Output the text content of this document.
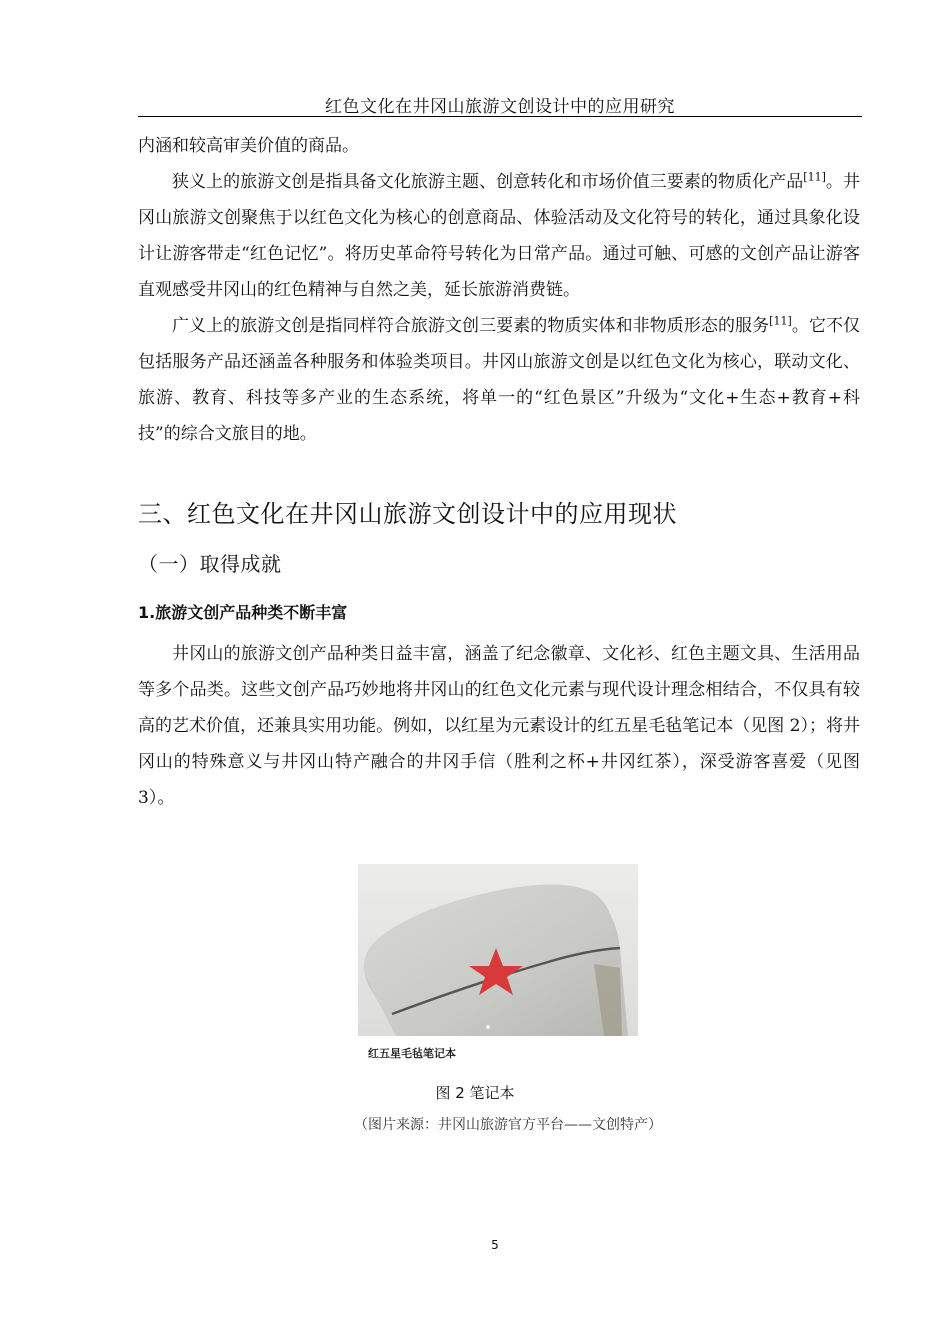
红色文化在井冈山旅游文创设计中的应用研究

内涵和较高审美价值的商品。

狭义上的旅游文创是指具备文化旅游主题、创意转化和市场价值三要素的物质化产品[11]。井冈山旅游文创聚焦于以红色文化为核心的创意商品、体验活动及文化符号的转化，通过具象化设计让游客带走“红色记忆”。将历史革命符号转化为日常产品。通过可触、可感的文创产品让游客直观感受井冈山的红色精神与自然之美，延长旅游消费链。

广义上的旅游文创是指同样符合旅游文创三要素的物质实体和非物质形态的服务[11]。它不仅包括服务产品还涵盖各种服务和体验类项目。井冈山旅游文创是以红色文化为核心，联动文化、旅游、教育、科技等多产业的生态系统，将单一的“红色景区”升级为“文化+生态+教育+科技”的综合文旅目的地。

三、红色文化在井冈山旅游文创设计中的应用现状
（一）取得成就
1.旅游文创产品种类不断丰富

井冈山的旅游文创产品种类日益丰富，涵盖了纪念徽章、文化衫、红色主题文具、生活用品等多个品类。这些文创产品巧妙地将井冈山的红色文化元素与现代设计理念相结合，不仅具有较高的艺术价值，还兼具实用功能。例如，以红星为元素设计的红五星毛毡笔记本（见图 2）；将井冈山的特殊意义与井冈山特产融合的井冈手信（胜利之杯+井冈红茶），深受游客喜爱（见图 3）。

红五星毛毡笔记本
图 2 笔记本
（图片来源：井冈山旅游官方平台——文创特产）
5
